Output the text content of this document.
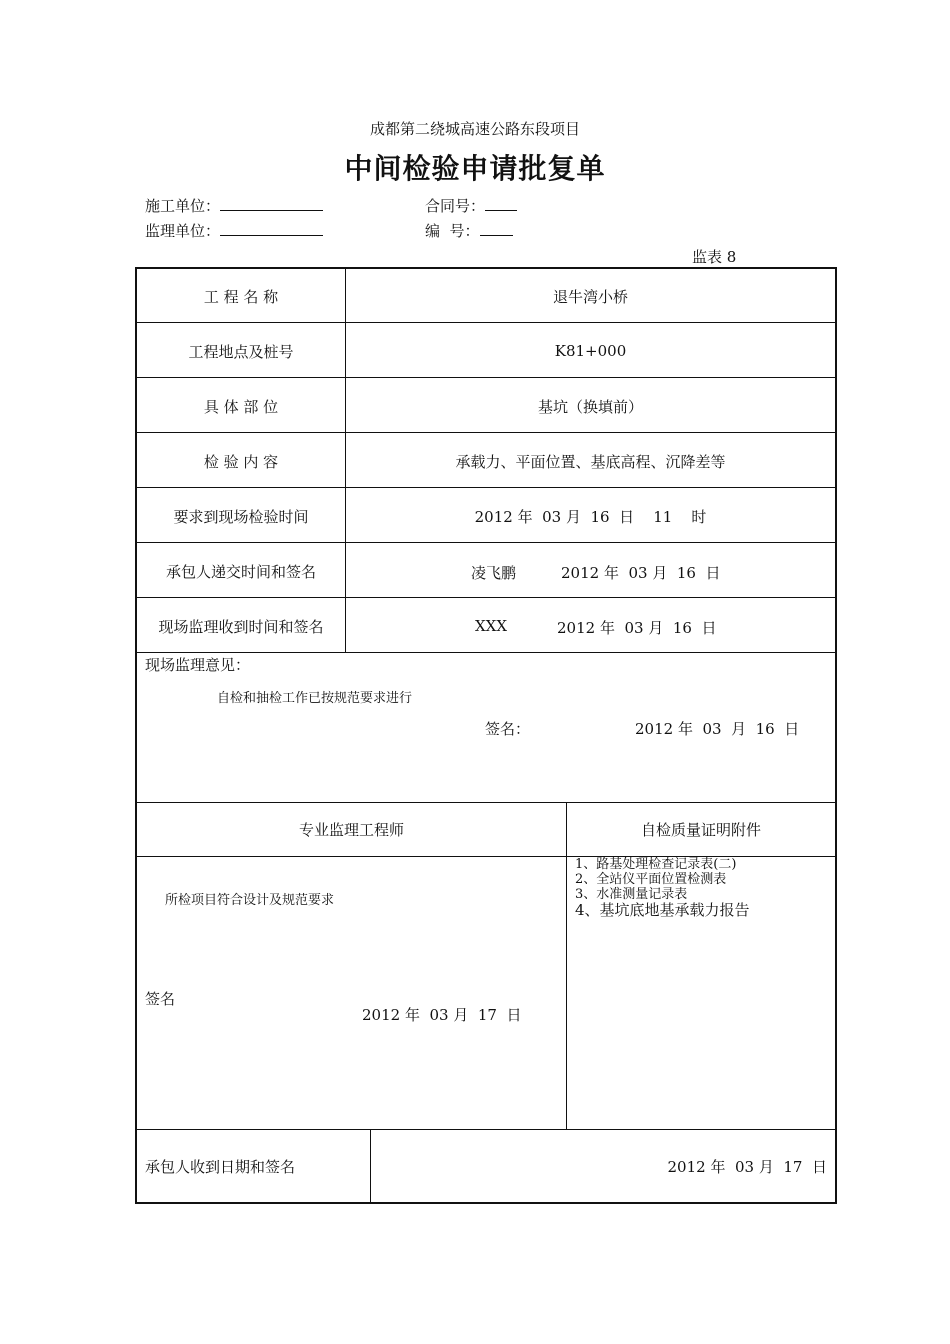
成都第二绕城高速公路东段项目
中间检验申请批复单
施工单位：	合同号：
监理单位：	编  号：
监表 8
工 程 名 称	退牛湾小桥
工程地点及桩号	K81+000
具 体 部 位	基坑（换填前）
检 验 内 容	承载力、平面位置、基底高程、沉降差等
要求到现场检验时间	2012 年  03 月  16  日    11    时
承包人递交时间和签名	凌飞鹏	2012 年  03 月  16  日
现场监理收到时间和签名	XXX	2012 年  03 月  16  日
现场监理意见：
自检和抽检工作已按规范要求进行
签名：	2012 年  03  月  16  日
专业监理工程师	自检质量证明附件
所检项目符合设计及规范要求
签名
2012 年  03 月  17  日
1、路基处理检查记录表(二)
2、全站仪平面位置检测表
3、水准测量记录表
4、基坑底地基承载力报告
承包人收到日期和签名	2012 年  03 月  17  日
